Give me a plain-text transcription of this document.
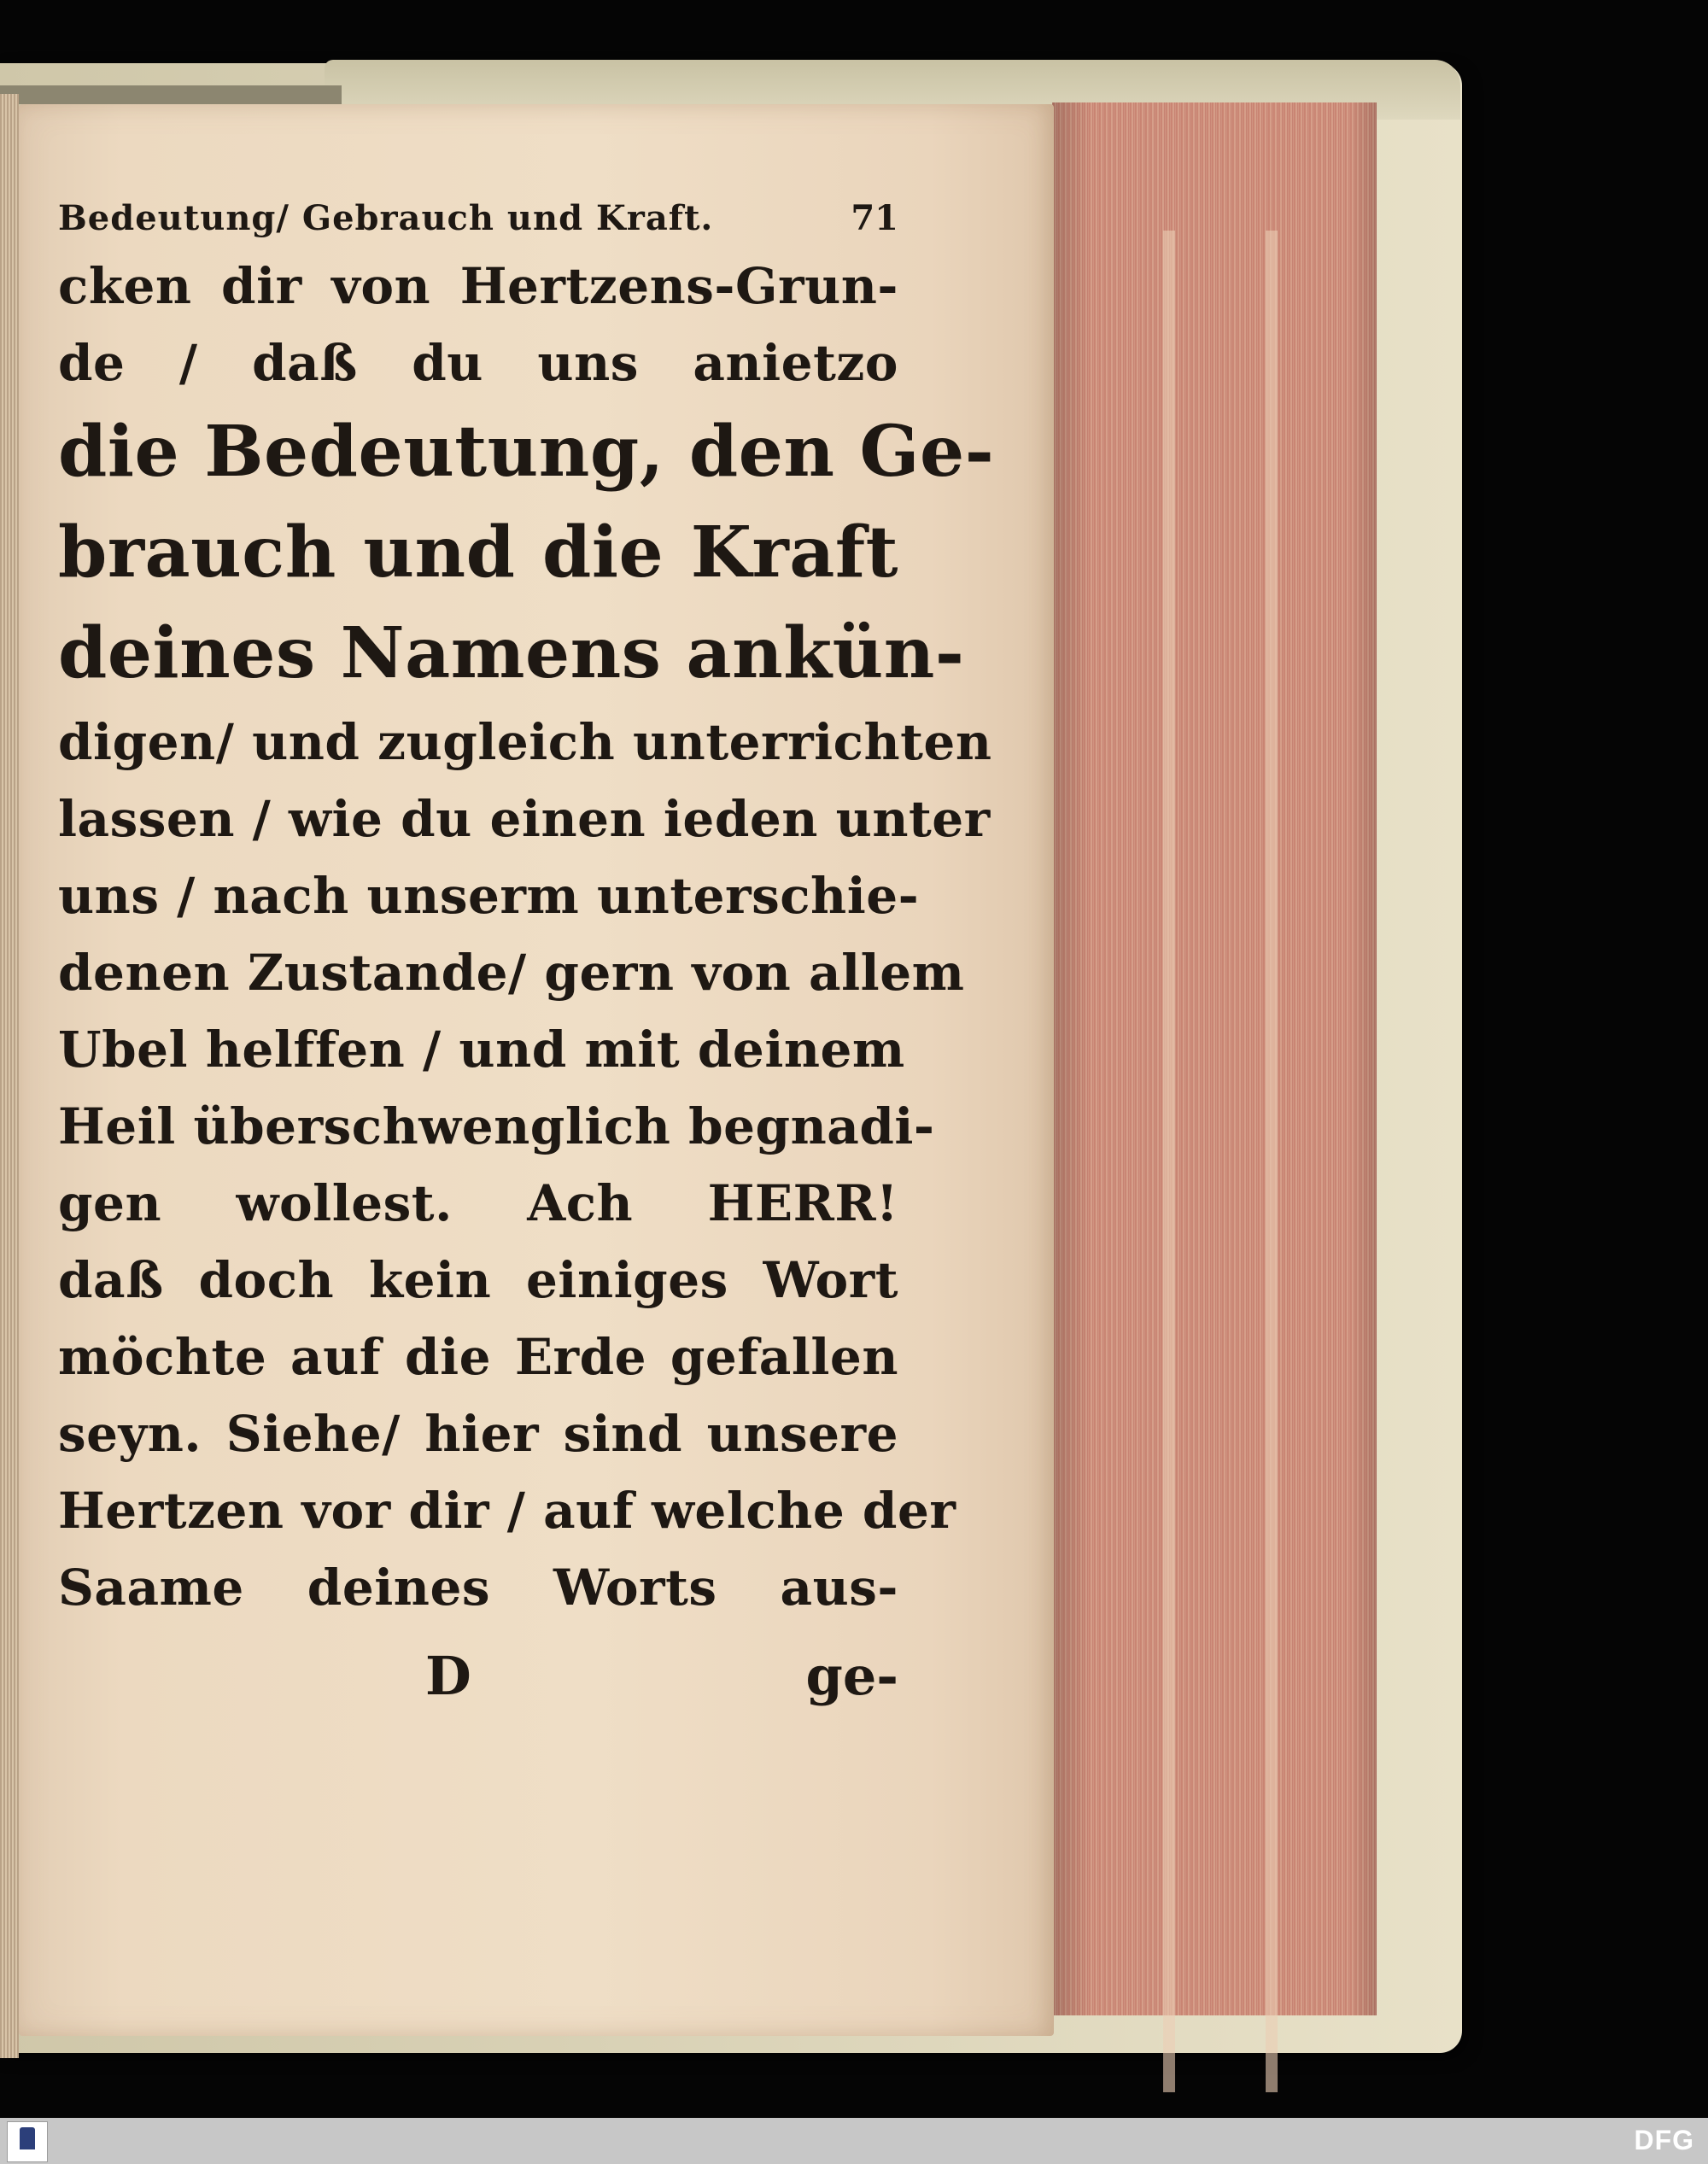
Bedeutung/ Gebrauch und Kraft.	71
cken dir von Hertzens-Grun-
de / daß du uns anietzo
die Bedeutung, den Ge-
brauch und die Kraft
deines Namens ankün-
digen/ und zugleich unterrichten
lassen / wie du einen ieden unter
uns / nach unserm unterschie-
denen Zustande/ gern von allem
Ubel helffen / und mit deinem
Heil überschwenglich begnadi-
gen wollest. Ach HERR!
daß doch kein einiges Wort
möchte auf die Erde gefallen
seyn. Siehe/ hier sind unsere
Hertzen vor dir / auf welche der
Saame deines Worts aus-
D	ge-
DFG
